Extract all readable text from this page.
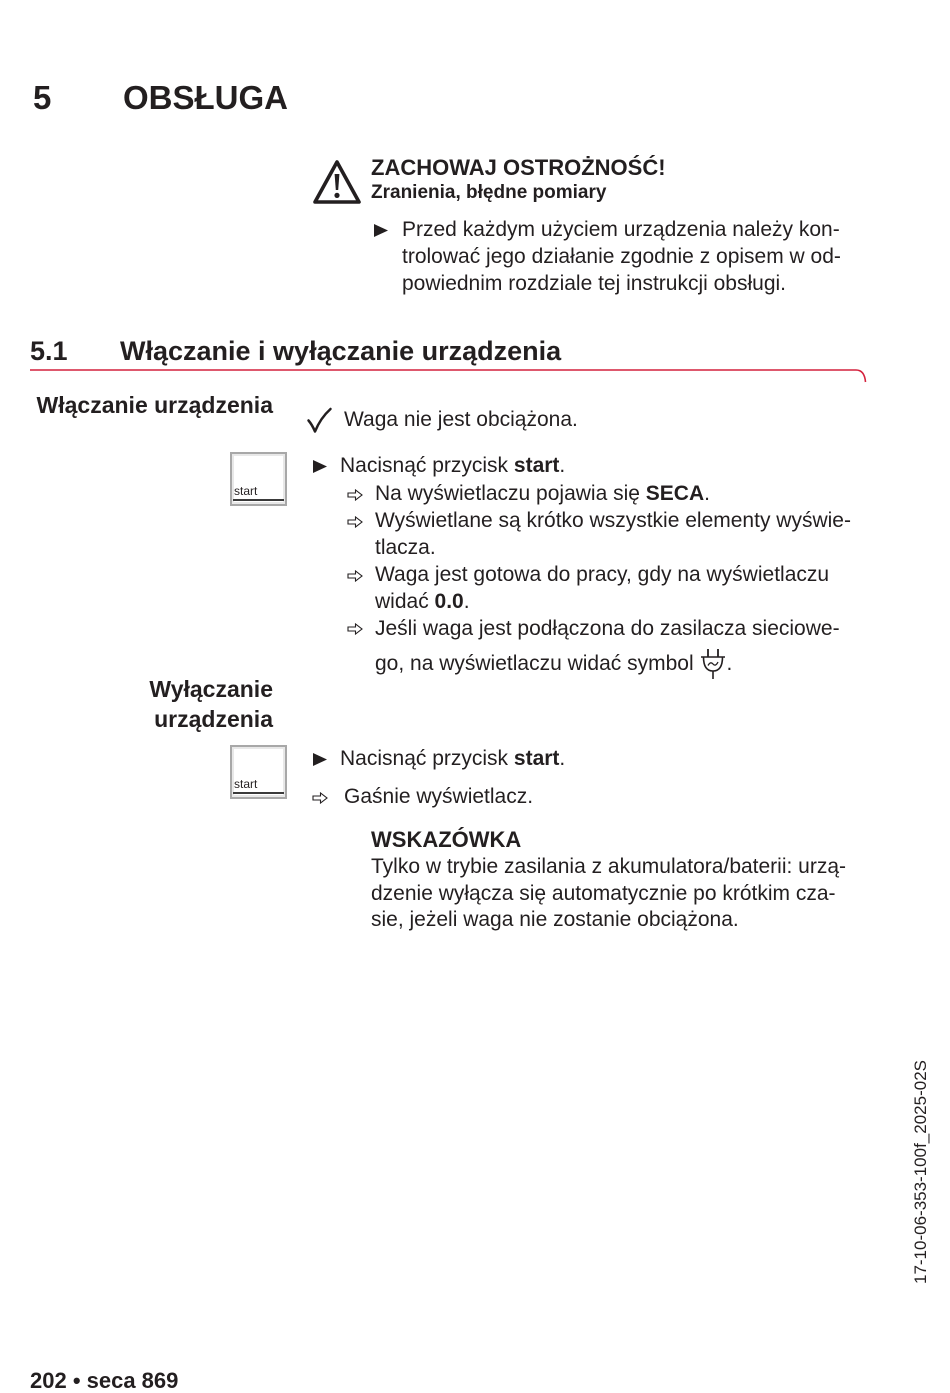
5 OBSŁUGA
ZACHOWAJ OSTROŻNOŚĆ!
Zranienia, błędne pomiary
Przed każdym użyciem urządzenia należy kon-
trolować jego działanie zgodnie z opisem w od-
powiednim rozdziale tej instrukcji obsługi.
5.1 Włączanie i wyłączanie urządzenia
Włączanie urządzenia
Waga nie jest obciążona.
start
Nacisnąć przycisk start.
Na wyświetlaczu pojawia się SECA.
Wyświetlane są krótko wszystkie elementy wyświe-
tlacza.
Waga jest gotowa do pracy, gdy na wyświetlaczu
widać 0.0.
Jeśli waga jest podłączona do zasilacza sieciowe-
go, na wyświetlaczu widać symbol .
Wyłączanie
urządzenia
start
Nacisnąć przycisk start.
Gaśnie wyświetlacz.
WSKAZÓWKA
Tylko w trybie zasilania z akumulatora/baterii: urzą-
dzenie wyłącza się automatycznie po krótkim cza-
sie, jeżeli waga nie zostanie obciążona.
17-10-06-353-100f_2025-02S
202 • seca 869
